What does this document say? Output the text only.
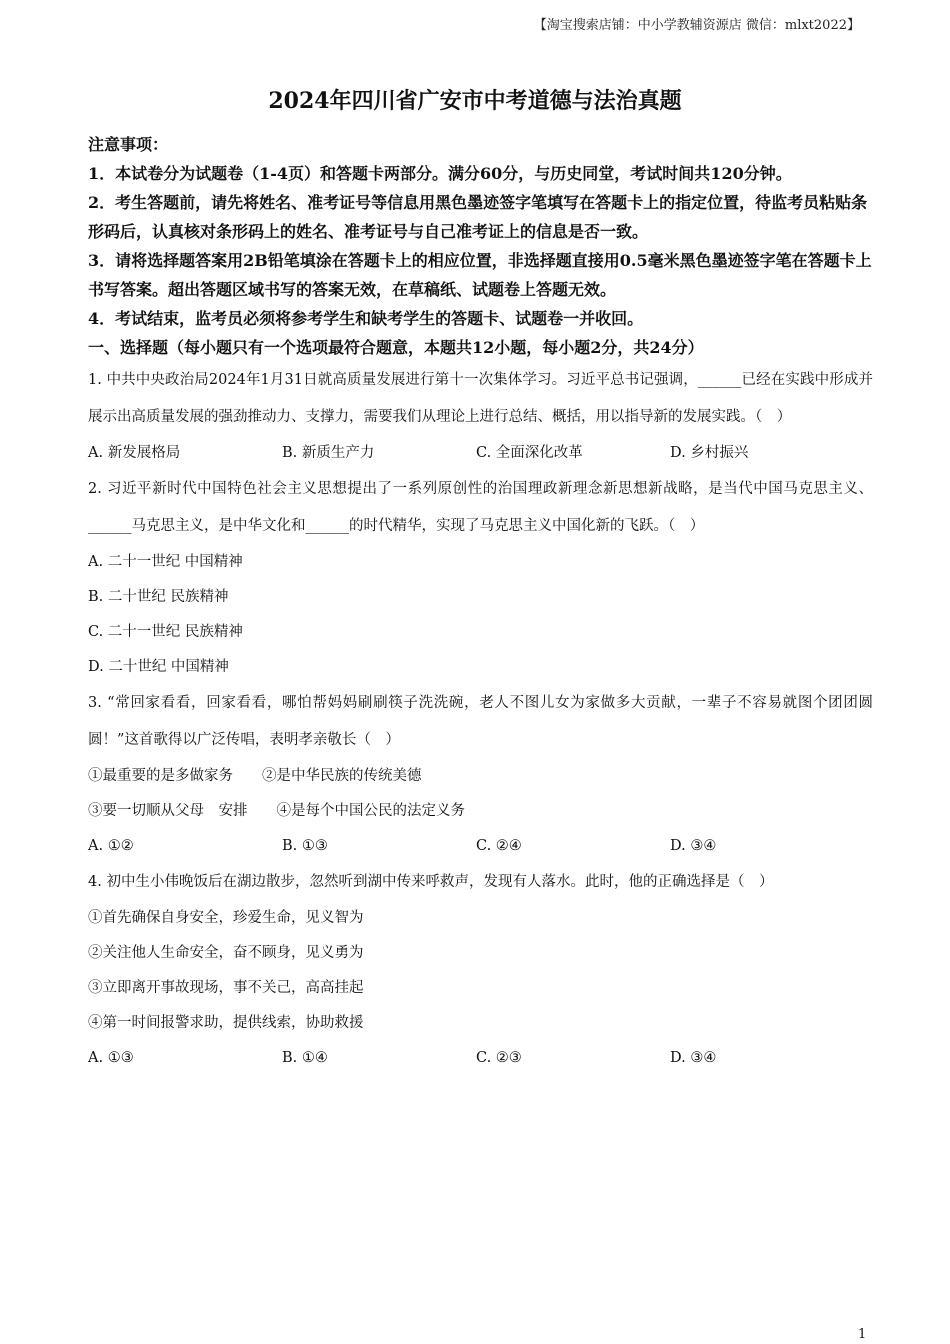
【淘宝搜索店铺：中小学教辅资源店 微信：mlxt2022】
2024年四川省广安市中考道德与法治真题

注意事项：

1．本试卷分为试题卷（1-4页）和答题卡两部分。满分60分，与历史同堂，考试时间共120分钟。

2．考生答题前，请先将姓名、准考证号等信息用黑色墨迹签字笔填写在答题卡上的指定位置，待监考员粘贴条形码后，认真核对条形码上的姓名、准考证号与自己准考证上的信息是否一致。

3．请将选择题答案用2B铅笔填涂在答题卡上的相应位置，非选择题直接用0.5毫米黑色墨迹签字笔在答题卡上书写答案。超出答题区域书写的答案无效，在草稿纸、试题卷上答题无效。

4．考试结束，监考员必须将参考学生和缺考学生的答题卡、试题卷一并收回。

一、选择题（每小题只有一个选项最符合题意，本题共12小题，每小题2分，共24分）

1. 中共中央政治局2024年1月31日就高质量发展进行第十一次集体学习。习近平总书记强调，______已经在实践中形成并展示出高质量发展的强劲推动力、支撑力，需要我们从理论上进行总结、概括，用以指导新的发展实践。（　）

A. 新发展格局	B. 新质生产力	C. 全面深化改革	D. 乡村振兴

2. 习近平新时代中国特色社会主义思想提出了一系列原创性的治国理政新理念新思想新战略，是当代中国马克思主义、______马克思主义，是中华文化和______的时代精华，实现了马克思主义中国化新的飞跃。（　）

A. 二十一世纪 中国精神

B. 二十世纪 民族精神

C. 二十一世纪 民族精神

D. 二十世纪 中国精神

3. “常回家看看，回家看看，哪怕帮妈妈刷刷筷子洗洗碗，老人不图儿女为家做多大贡献，一辈子不容易就图个团团圆圆！”这首歌得以广泛传唱，表明孝亲敬长（　）

①最重要的是多做家务　　②是中华民族的传统美德

③要一切顺从父母　安排　　④是每个中国公民的法定义务

A. ①②	B. ①③	C. ②④	D. ③④

4. 初中生小伟晚饭后在湖边散步，忽然听到湖中传来呼救声，发现有人落水。此时，他的正确选择是（　）

①首先确保自身安全，珍爱生命，见义智为

②关注他人生命安全，奋不顾身，见义勇为

③立即离开事故现场，事不关己，高高挂起

④第一时间报警求助，提供线索，协助救援

A. ①③	B. ①④	C. ②③	D. ③④
1
